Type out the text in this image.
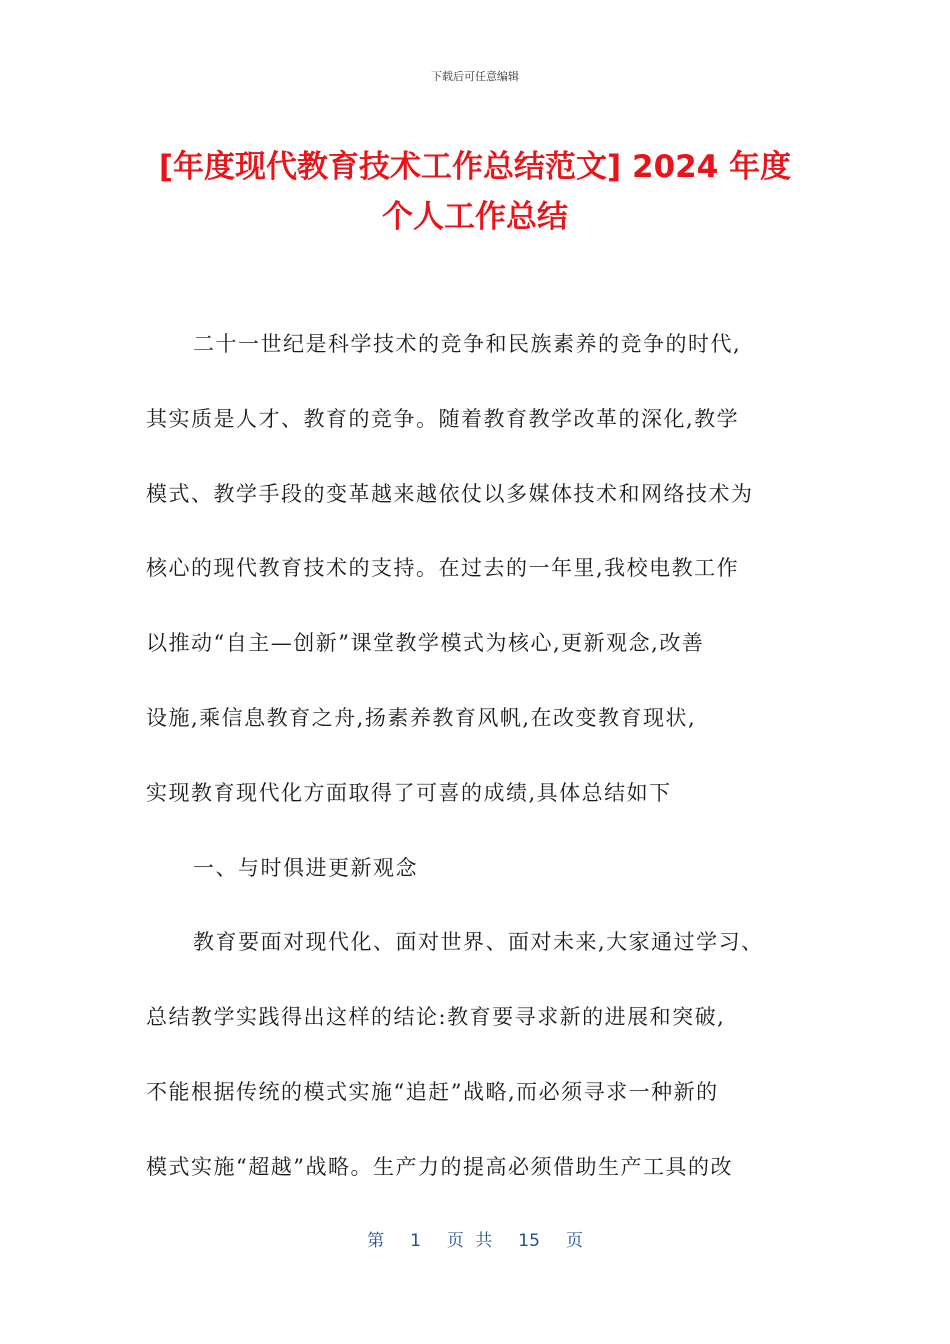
下载后可任意编辑
[年度现代教育技术工作总结范文] 2024 年度
个人工作总结
二十一世纪是科学技术的竞争和民族素养的竞争的时代,
其实质是人才、教育的竞争。随着教育教学改革的深化,教学
模式、教学手段的变革越来越依仗以多媒体技术和网络技术为
核心的现代教育技术的支持。在过去的一年里,我校电教工作
以推动“自主—创新”课堂教学模式为核心,更新观念,改善
设施,乘信息教育之舟,扬素养教育风帆,在改变教育现状,
实现教育现代化方面取得了可喜的成绩,具体总结如下
一、与时俱进更新观念
教育要面对现代化、面对世界、面对未来,大家通过学习、
总结教学实践得出这样的结论:教育要寻求新的进展和突破,
不能根据传统的模式实施“追赶”战略,而必须寻求一种新的
模式实施“超越”战略。生产力的提高必须借助生产工具的改
第 1 页 共 15 页
